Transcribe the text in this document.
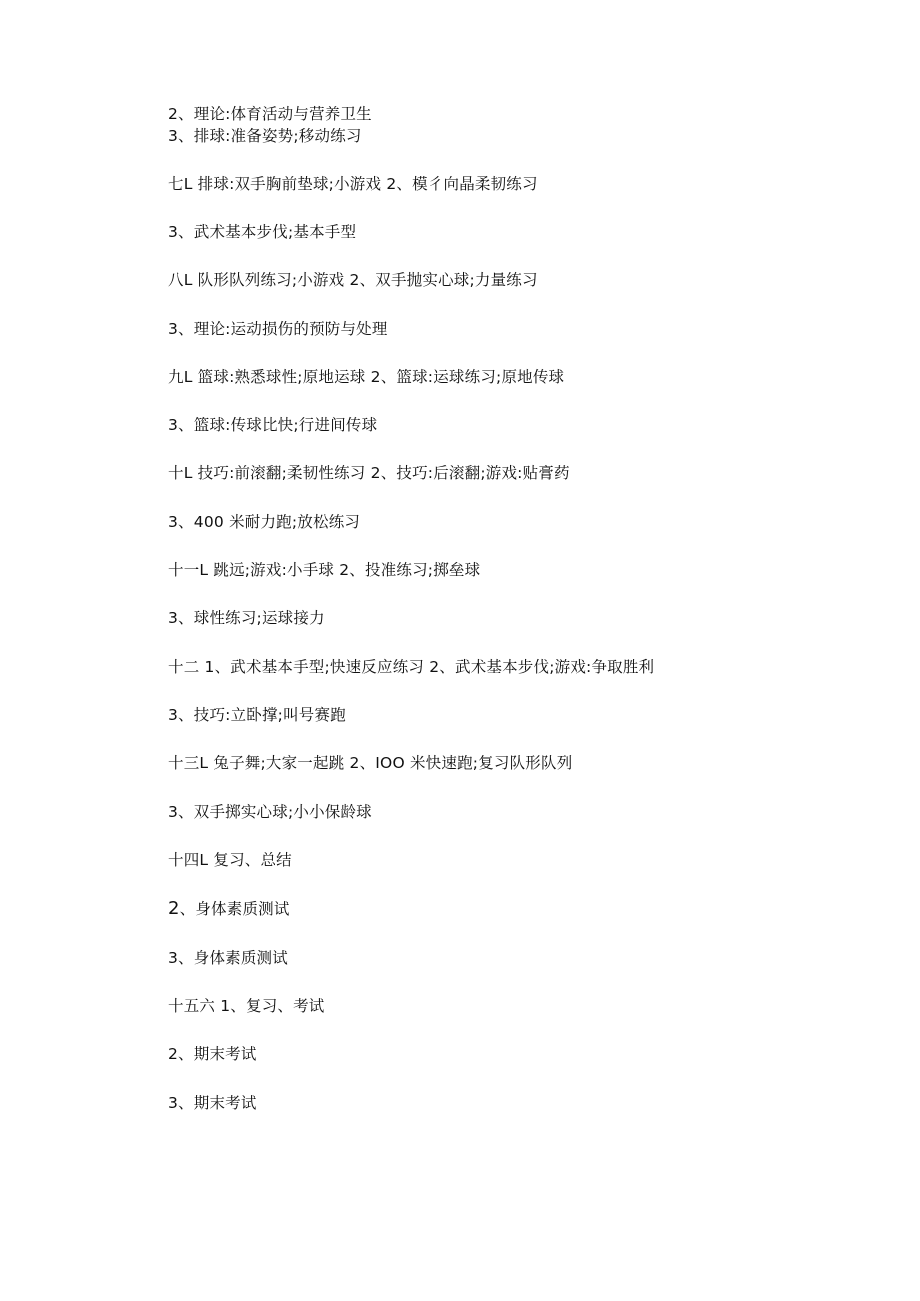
2、理论:体育活动与营养卫生
3、排球:准备姿势;移动练习
七L 排球:双手胸前垫球;小游戏 2、模彳向晶柔韧练习
3、武术基本步伐;基本手型
八L 队形队列练习;小游戏 2、双手抛实心球;力量练习
3、理论:运动损伤的预防与处理
九L 篮球:熟悉球性;原地运球 2、篮球:运球练习;原地传球
3、篮球:传球比快;行进间传球
十L 技巧:前滚翻;柔韧性练习 2、技巧:后滚翻;游戏:贴膏药
3、400 米耐力跑;放松练习
十一L 跳远;游戏:小手球 2、投准练习;掷垒球
3、球性练习;运球接力
十二 1、武术基本手型;快速反应练习 2、武术基本步伐;游戏:争取胜利
3、技巧:立卧撑;叫号赛跑
十三L 兔子舞;大家一起跳 2、IOO 米快速跑;复习队形队列
3、双手掷实心球;小小保龄球
十四L 复习、总结
2、身体素质测试
3、身体素质测试
十五六 1、复习、考试
2、期末考试
3、期末考试
